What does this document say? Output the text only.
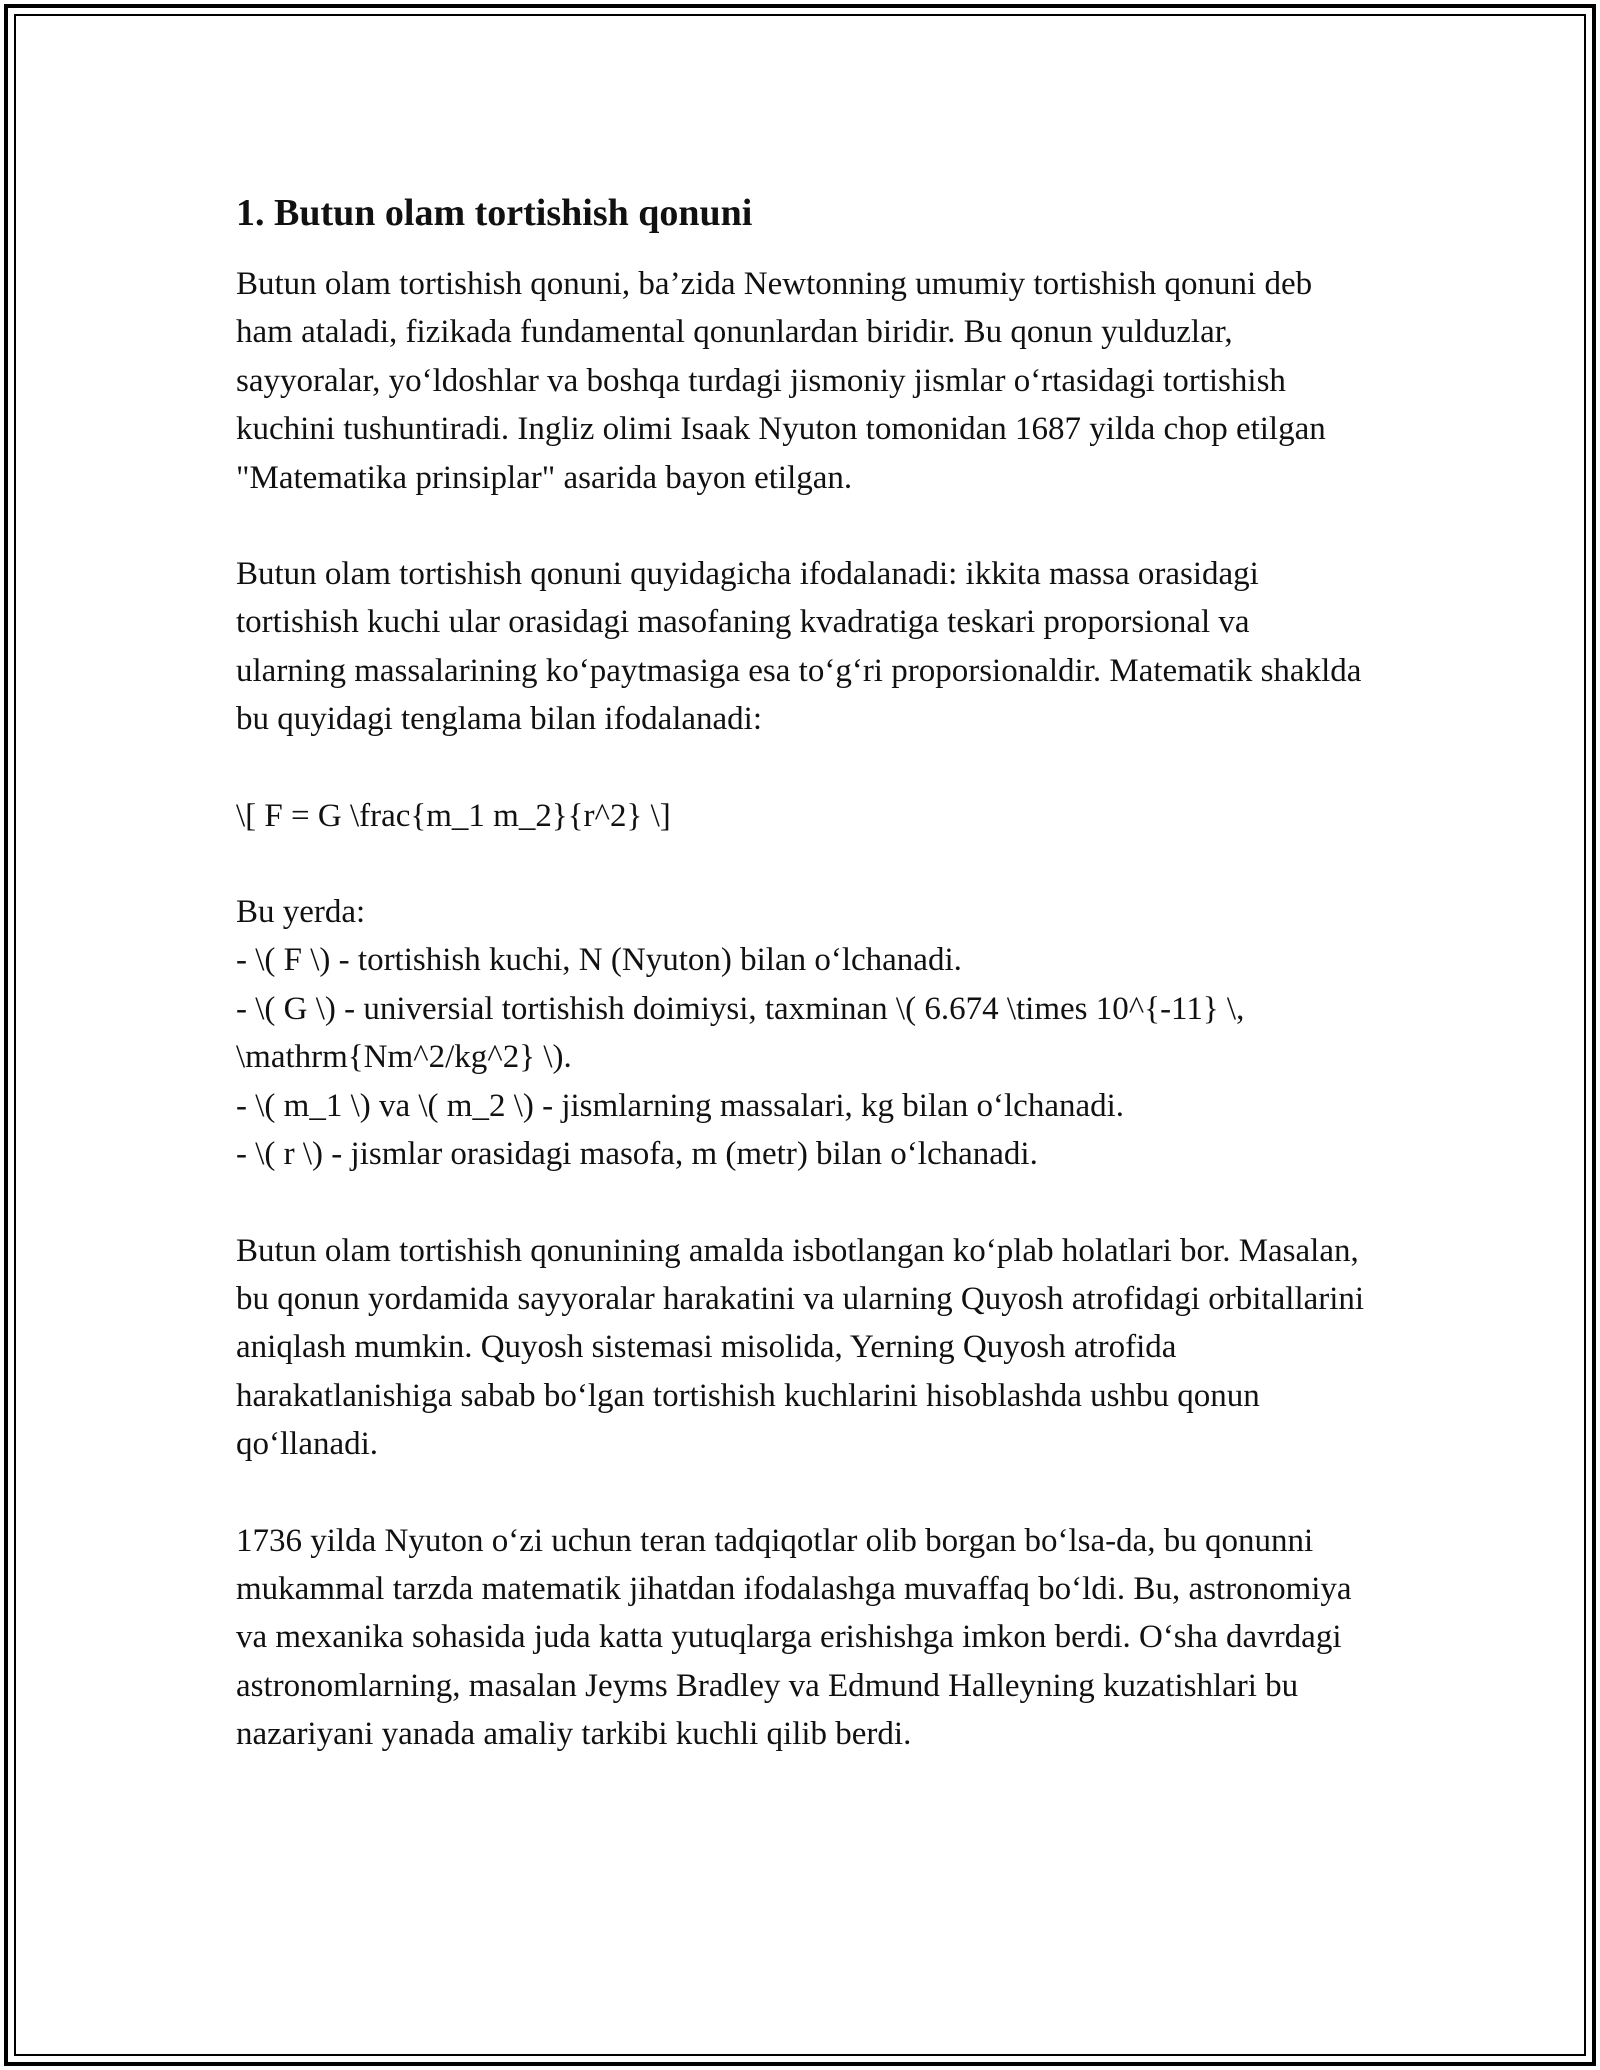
1. Butun olam tortishish qonuni

Butun olam tortishish qonuni, ba’zida Newtonning umumiy tortishish qonuni deb ham ataladi, fizikada fundamental qonunlardan biridir. Bu qonun yulduzlar, sayyoralar, yo‘ldoshlar va boshqa turdagi jismoniy jismlar o‘rtasidagi tortishish kuchini tushuntiradi. Ingliz olimi Isaak Nyuton tomonidan 1687 yilda chop etilgan "Matematika prinsiplar" asarida bayon etilgan.

Butun olam tortishish qonuni quyidagicha ifodalanadi: ikkita massa orasidagi tortishish kuchi ular orasidagi masofaning kvadratiga teskari proporsional va ularning massalarining ko‘paytmasiga esa to‘g‘ri proporsionaldir. Matematik shaklda bu quyidagi tenglama bilan ifodalanadi:

\[ F = G \frac{m_1 m_2}{r^2} \]

Bu yerda:
- \( F \) - tortishish kuchi, N (Nyuton) bilan o‘lchanadi.
- \( G \) - universial tortishish doimiysi, taxminan \( 6.674 \times 10^{-11} \,
\mathrm{Nm^2/kg^2} \).
- \( m_1 \) va \( m_2 \) - jismlarning massalari, kg bilan o‘lchanadi.
- \( r \) - jismlar orasidagi masofa, m (metr) bilan o‘lchanadi.

Butun olam tortishish qonunining amalda isbotlangan ko‘plab holatlari bor. Masalan, bu qonun yordamida sayyoralar harakatini va ularning Quyosh atrofidagi orbitallarini aniqlash mumkin. Quyosh sistemasi misolida, Yerning Quyosh atrofida harakatlanishiga sabab bo‘lgan tortishish kuchlarini hisoblashda ushbu qonun qo‘llanadi.

1736 yilda Nyuton o‘zi uchun teran tadqiqotlar olib borgan bo‘lsa-da, bu qonunni mukammal tarzda matematik jihatdan ifodalashga muvaffaq bo‘ldi. Bu, astronomiya va mexanika sohasida juda katta yutuqlarga erishishga imkon berdi. O‘sha davrdagi astronomlarning, masalan Jeyms Bradley va Edmund Halleyning kuzatishlari bu nazariyani yanada amaliy tarkibi kuchli qilib berdi.
